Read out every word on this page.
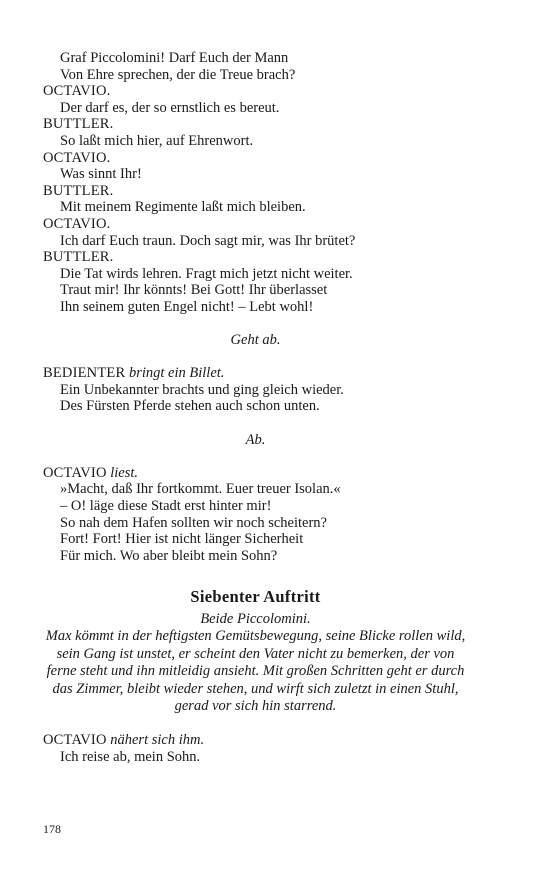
Graf Piccolomini! Darf Euch der Mann
Von Ehre sprechen, der die Treue brach?
OCTAVIO.
Der darf es, der so ernstlich es bereut.
BUTTLER.
So laßt mich hier, auf Ehrenwort.
OCTAVIO.
Was sinnt Ihr!
BUTTLER.
Mit meinem Regimente laßt mich bleiben.
OCTAVIO.
Ich darf Euch traun. Doch sagt mir, was Ihr brütet?
BUTTLER.
Die Tat wirds lehren. Fragt mich jetzt nicht weiter.
Traut mir! Ihr könnts! Bei Gott! Ihr überlasset
Ihn seinem guten Engel nicht! – Lebt wohl!
Geht ab.
BEDIENTER bringt ein Billet.
Ein Unbekannter brachts und ging gleich wieder.
Des Fürsten Pferde stehen auch schon unten.
Ab.
OCTAVIO liest.
»Macht, daß Ihr fortkommt. Euer treuer Isolan.«
– O! läge diese Stadt erst hinter mir!
So nah dem Hafen sollten wir noch scheitern?
Fort! Fort! Hier ist nicht länger Sicherheit
Für mich. Wo aber bleibt mein Sohn?
Siebenter Auftritt
Beide Piccolomini.
Max kömmt in der heftigsten Gemütsbewegung, seine Blicke rollen wild, sein Gang ist unstet, er scheint den Vater nicht zu bemerken, der von ferne steht und ihn mitleidig ansieht. Mit großen Schritten geht er durch das Zimmer, bleibt wieder stehen, und wirft sich zuletzt in einen Stuhl, gerad vor sich hin starrend.
OCTAVIO nähert sich ihm.
Ich reise ab, mein Sohn.
178
